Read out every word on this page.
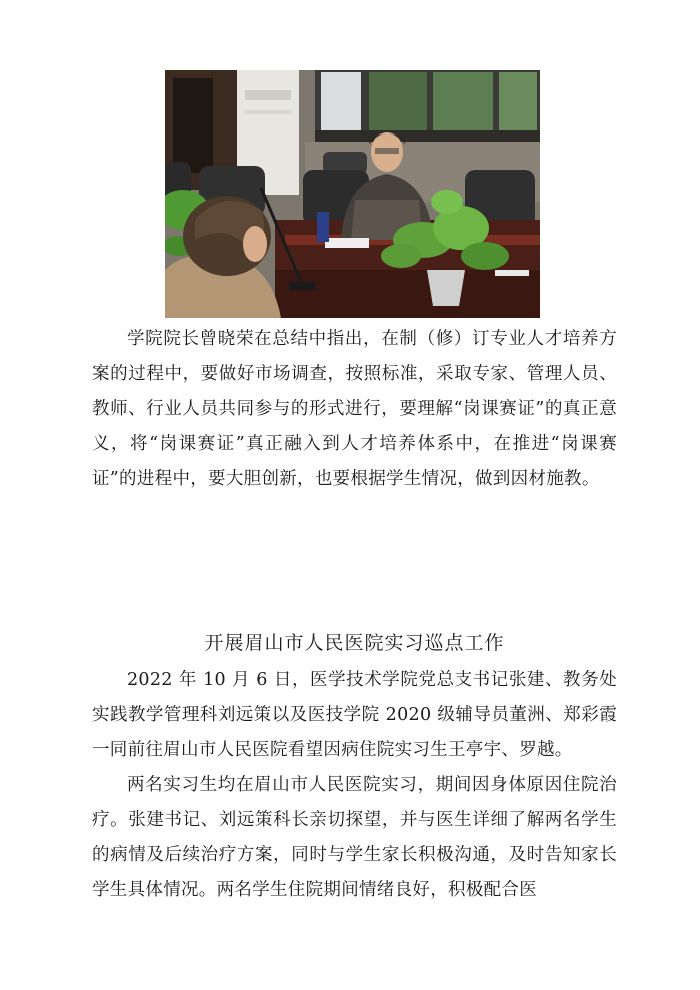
学院院长曾晓荣在总结中指出，在制（修）订专业人才培养方案的过程中，要做好市场调查，按照标准，采取专家、管理人员、教师、行业人员共同参与的形式进行，要理解“岗课赛证”的真正意义，将“岗课赛证”真正融入到人才培养体系中，在推进“岗课赛证”的进程中，要大胆创新，也要根据学生情况，做到因材施教。

开展眉山市人民医院实习巡点工作

2022 年 10 月 6 日，医学技术学院党总支书记张建、教务处实践教学管理科刘远策以及医技学院 2020 级辅导员董洲、郑彩霞一同前往眉山市人民医院看望因病住院实习生王亭宇、罗越。

两名实习生均在眉山市人民医院实习，期间因身体原因住院治疗。张建书记、刘远策科长亲切探望，并与医生详细了解两名学生的病情及后续治疗方案，同时与学生家长积极沟通，及时告知家长学生具体情况。两名学生住院期间情绪良好，积极配合医
